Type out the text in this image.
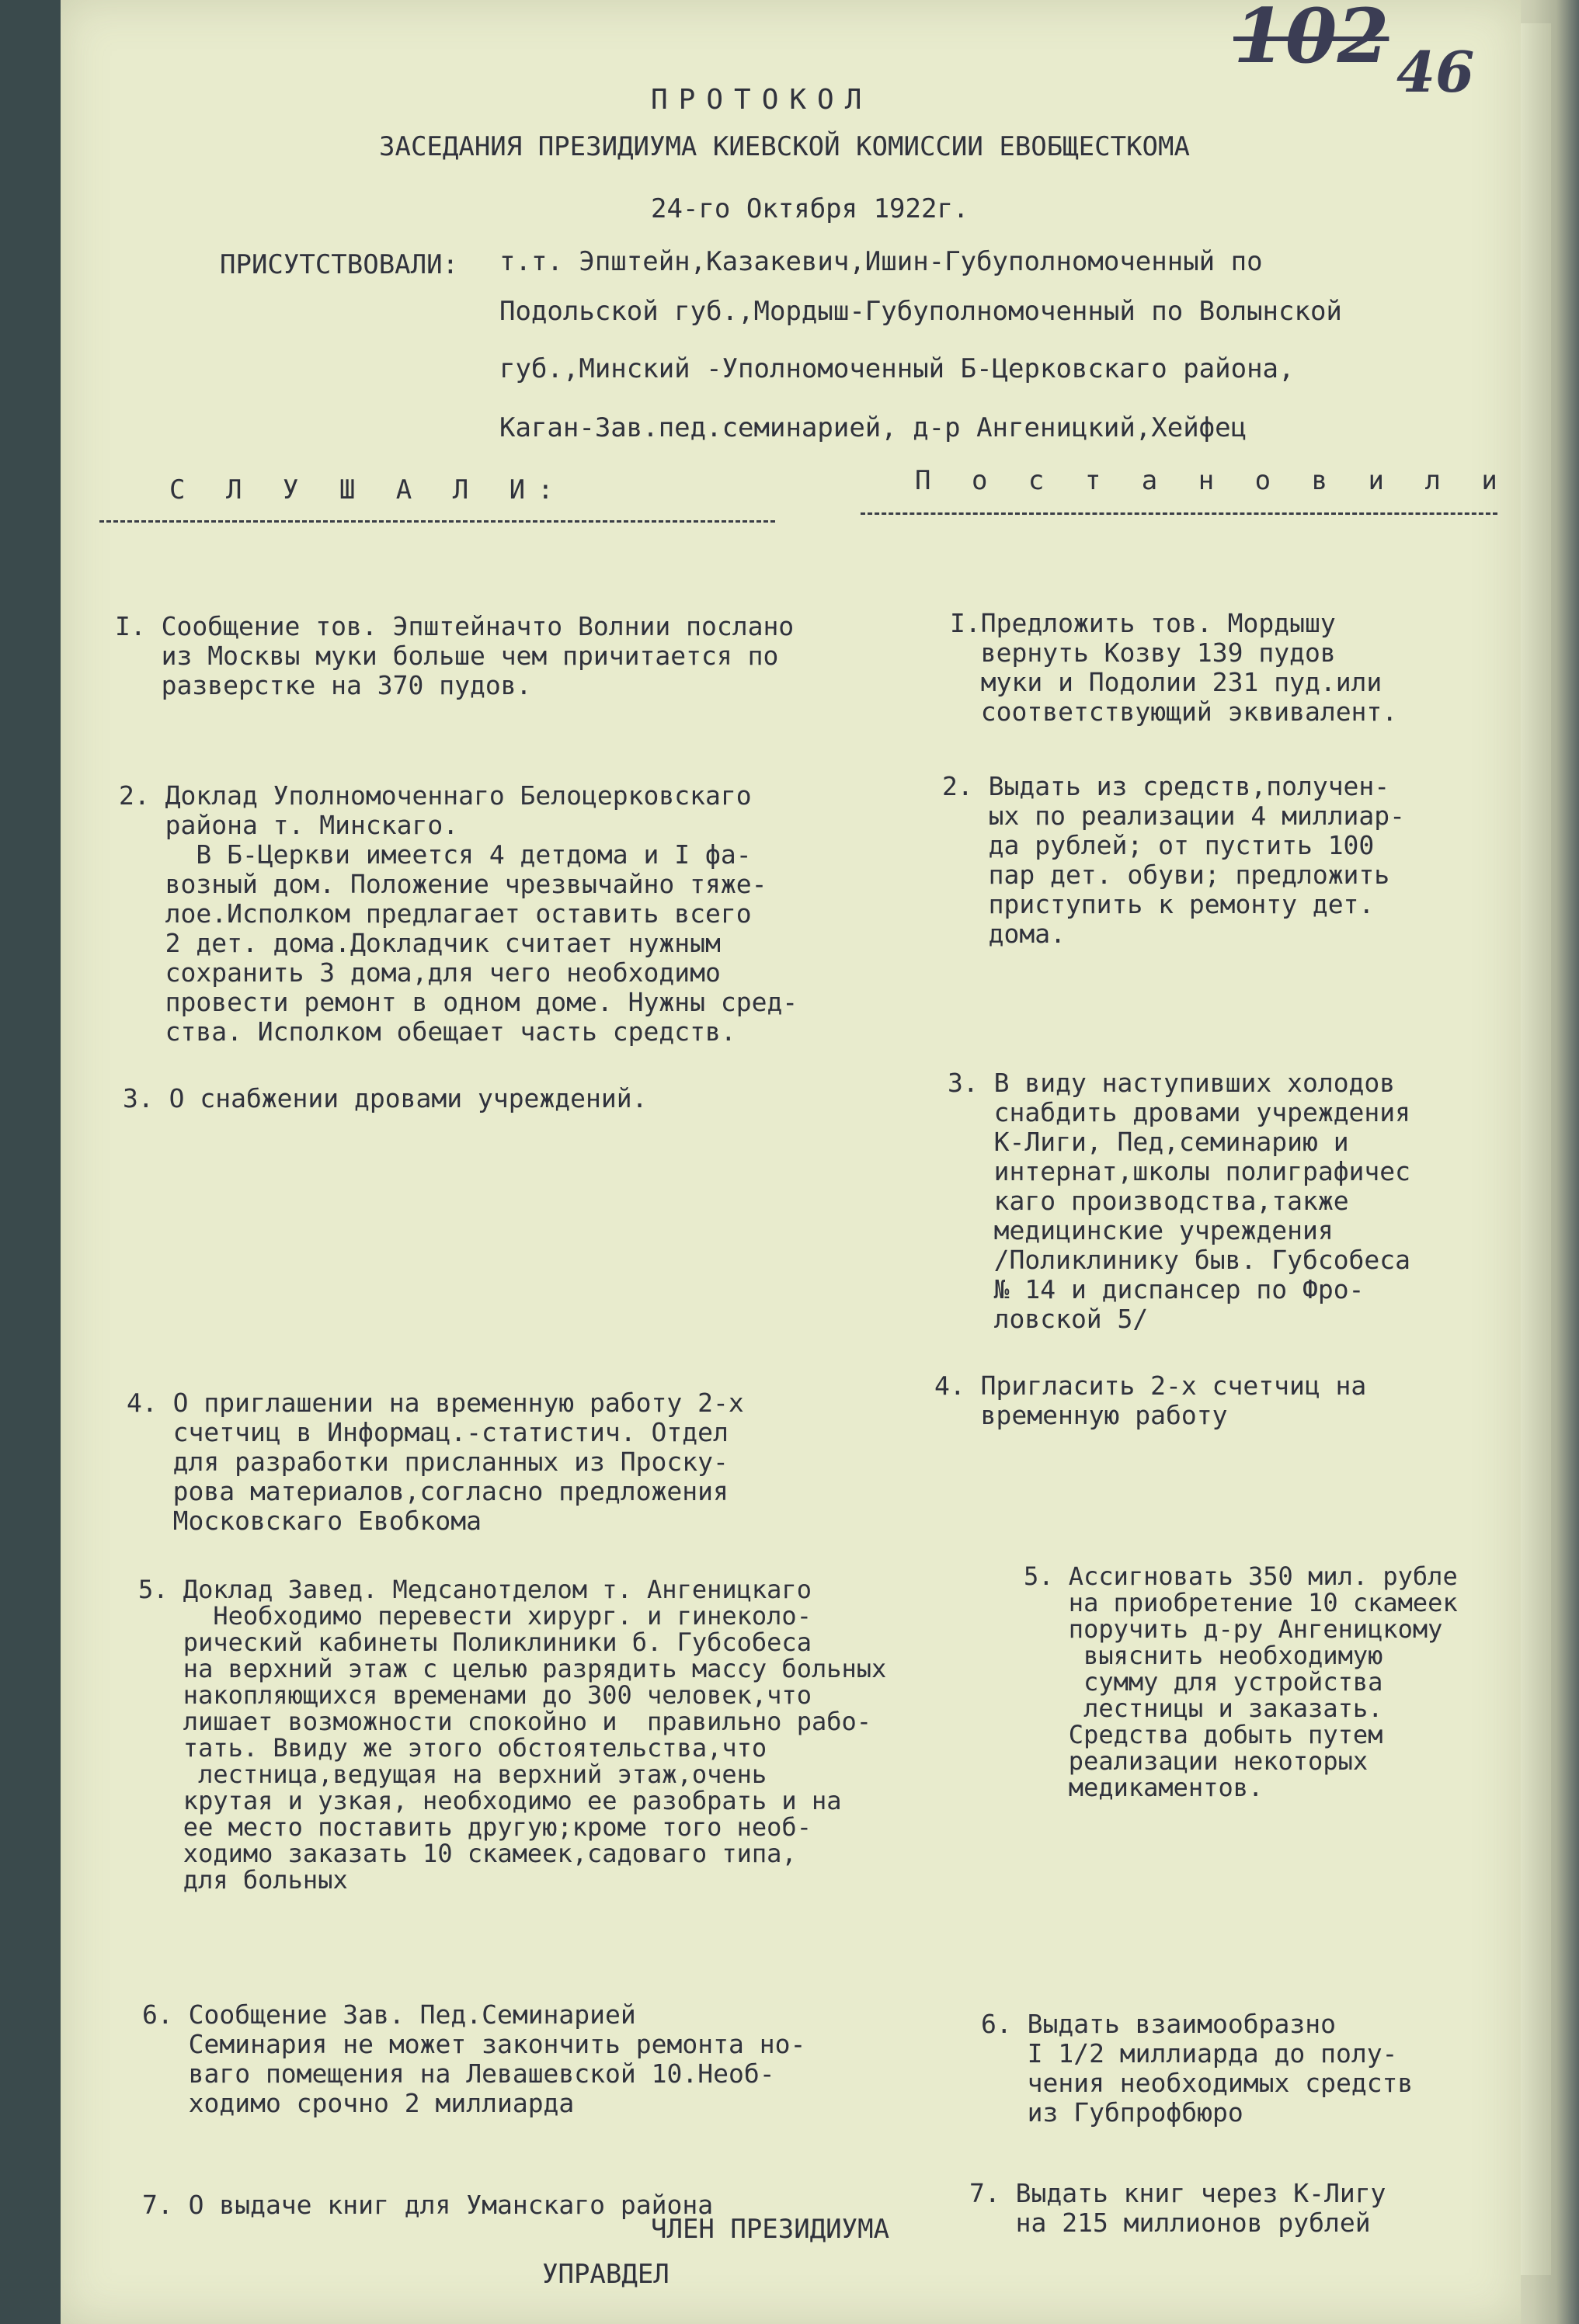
102 46
ПРОТОКОЛ
ЗАСЕДАНИЯ ПРЕЗИДИУМА КИЕВСКОЙ КОМИССИИ ЕВОБЩЕСТКОМА
24-го Октября 1922г.
ПРИСУТСТВОВАЛИ: т.т. Эпштейн,Казакевич,Ишин-Губуполномоченный по
Подольской губ.,Мордыш-Губуполномоченный по Волынской
губ.,Минский -Уполномоченный Б-Церковскаго района,
Каган-Зав.пед.семинарией, д-р Ангеницкий,Хейфец
С Л У Ш А Л И:	П о с т а н о в и л и

I. Сообщение тов. Эпштейначто Волнии послано
из Москвы муки больше чем причитается по
разверстке на 370 пудов.

I.Предложить тов. Мордышу
вернуть Козву 139 пудов
муки и Подолии 231 пуд.или
соответствующий эквивалент.

2. Доклад Уполномоченнаго Белоцерковскаго
района т. Минскаго.
В Б-Церкви имеется 4 детдома и I фа-
возный дом. Положение чрезвычайно тяже-
лое.Исполком предлагает оставить всего
2 дет. дома.Докладчик считает нужным
сохранить 3 дома,для чего необходимо
провести ремонт в одном доме. Нужны сред-
ства. Исполком обещает часть средств.

2. Выдать из средств,получен-
ых по реализации 4 миллиар-
да рублей; от пустить 100
пар дет. обуви; предложить
приступить к ремонту дет.
дома.

3. О снабжении дровами учреждений.

3. В виду наступивших холодов
снабдить дровами учреждения
К-Лиги, Пед,семинарию и
интернат,школы полиграфичес
каго производства,также
медицинские учреждения
/Поликлинику быв. Губсобеса
№ 14 и диспансер по Фро-
ловской 5/

4. О приглашении на временную работу 2-х
счетчиц в Информац.-статистич. Отдел
для разработки присланных из Проску-
рова материалов,согласно предложения
Московскаго Евобкома

4. Пригласить 2-х счетчиц на
временную работу

5. Доклад Завед. Медсанотделом т. Ангеницкаго
Необходимо перевести хирург. и гинеколо-
рический кабинеты Поликлиники б. Губсобеса
на верхний этаж с целью разрядить массу больных
накопляющихся временами до 300 человек,что
лишает возможности спокойно и  правильно рабо-
тать. Ввиду же этого обстоятельства,что
лестница,ведущая на верхний этаж,очень
крутая и узкая, необходимо ее разобрать и на
ее место поставить другую;кроме того необ-
ходимо заказать 10 скамеек,садоваго типа,
для больных

5. Ассигновать 350 мил. рубле
на приобретение 10 скамеек
поручить д-ру Ангеницкому
выяснить необходимую
сумму для устройства
лестницы и заказать.
Средства добыть путем
реализации некоторых
медикаментов.

6. Сообщение Зав. Пед.Семинарией
Семинария не может закончить ремонта но-
ваго помещения на Левашевской 10.Необ-
ходимо срочно 2 миллиарда

6. Выдать взаимообразно
I 1/2 миллиарда до полу-
чения необходимых средств
из Губпрофбюро

7. О выдаче книг для Уманскаго района

	7. Выдать книг через К-Лигу
на 215 миллионов рублей

ЧЛЕН ПРЕЗИДИУМА
УПРАВДЕЛ
